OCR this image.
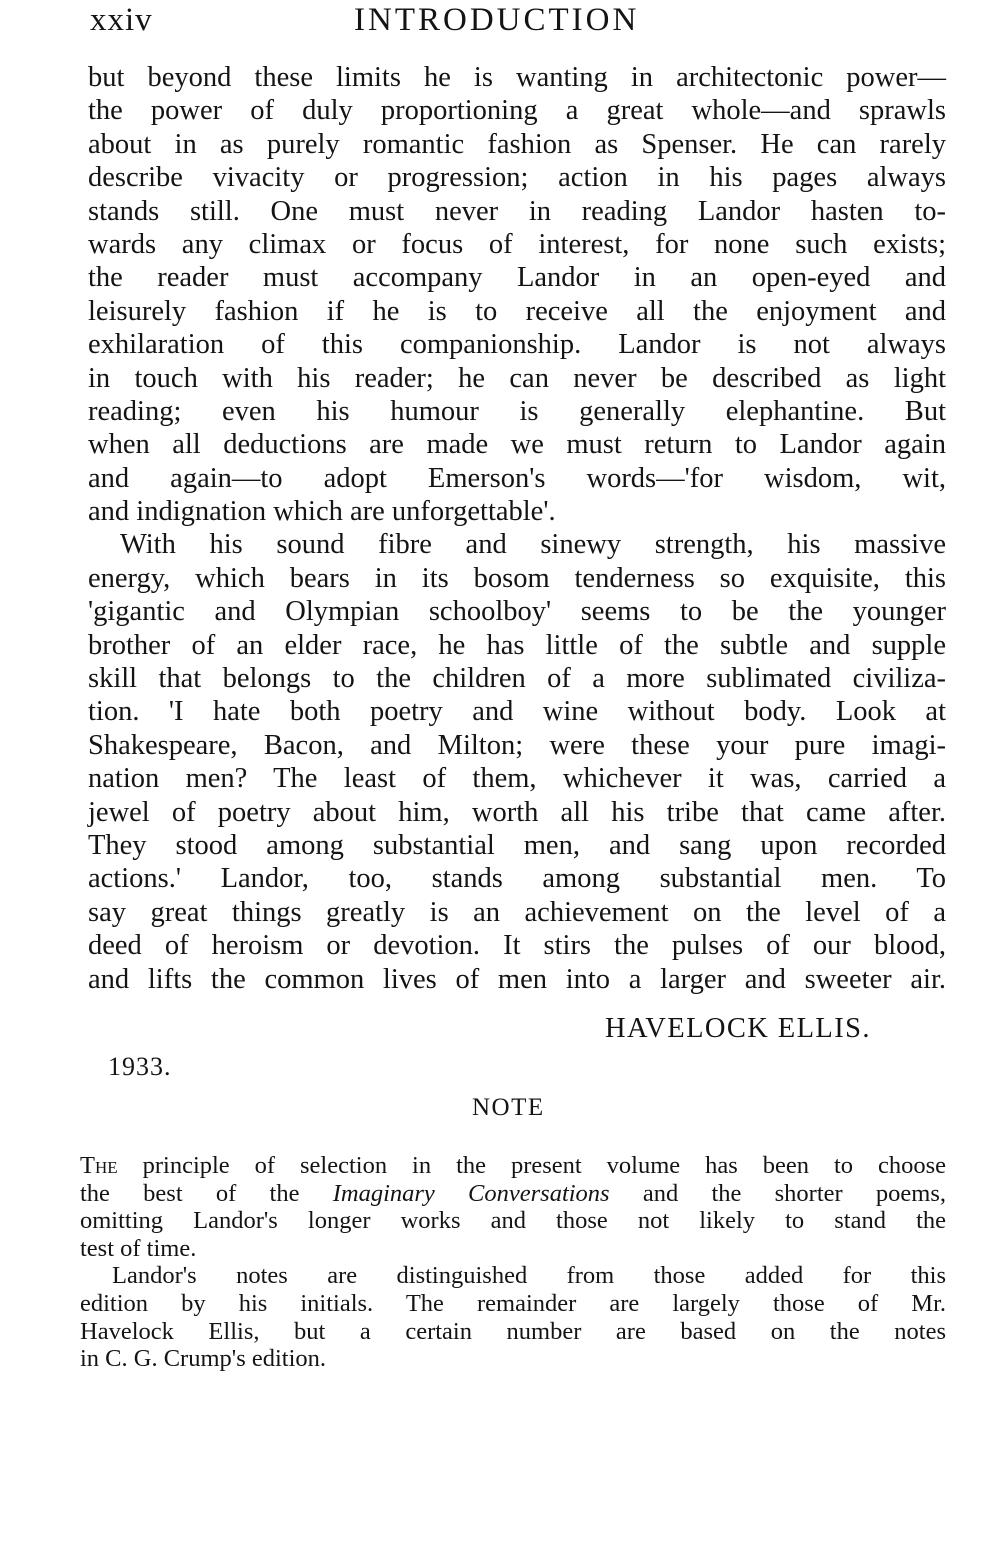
xxiv	INTRODUCTION
but beyond these limits he is wanting in architectonic power—
the power of duly proportioning a great whole—and sprawls
about in as purely romantic fashion as Spenser. He can rarely
describe vivacity or progression; action in his pages always
stands still. One must never in reading Landor hasten to-
wards any climax or focus of interest, for none such exists;
the reader must accompany Landor in an open-eyed and
leisurely fashion if he is to receive all the enjoyment and
exhilaration of this companionship. Landor is not always
in touch with his reader; he can never be described as light
reading; even his humour is generally elephantine. But
when all deductions are made we must return to Landor again
and again—to adopt Emerson's words—'for wisdom, wit,
and indignation which are unforgettable'.
With his sound fibre and sinewy strength, his massive
energy, which bears in its bosom tenderness so exquisite, this
'gigantic and Olympian schoolboy' seems to be the younger
brother of an elder race, he has little of the subtle and supple
skill that belongs to the children of a more sublimated civiliza-
tion. 'I hate both poetry and wine without body. Look at
Shakespeare, Bacon, and Milton; were these your pure imagi-
nation men? The least of them, whichever it was, carried a
jewel of poetry about him, worth all his tribe that came after.
They stood among substantial men, and sang upon recorded
actions.' Landor, too, stands among substantial men. To
say great things greatly is an achievement on the level of a
deed of heroism or devotion. It stirs the pulses of our blood,
and lifts the common lives of men into a larger and sweeter air.
HAVELOCK ELLIS.
1933.
NOTE
The principle of selection in the present volume has been to choose
the best of the Imaginary Conversations and the shorter poems,
omitting Landor's longer works and those not likely to stand the
test of time.
Landor's notes are distinguished from those added for this
edition by his initials. The remainder are largely those of Mr.
Havelock Ellis, but a certain number are based on the notes
in C. G. Crump's edition.
